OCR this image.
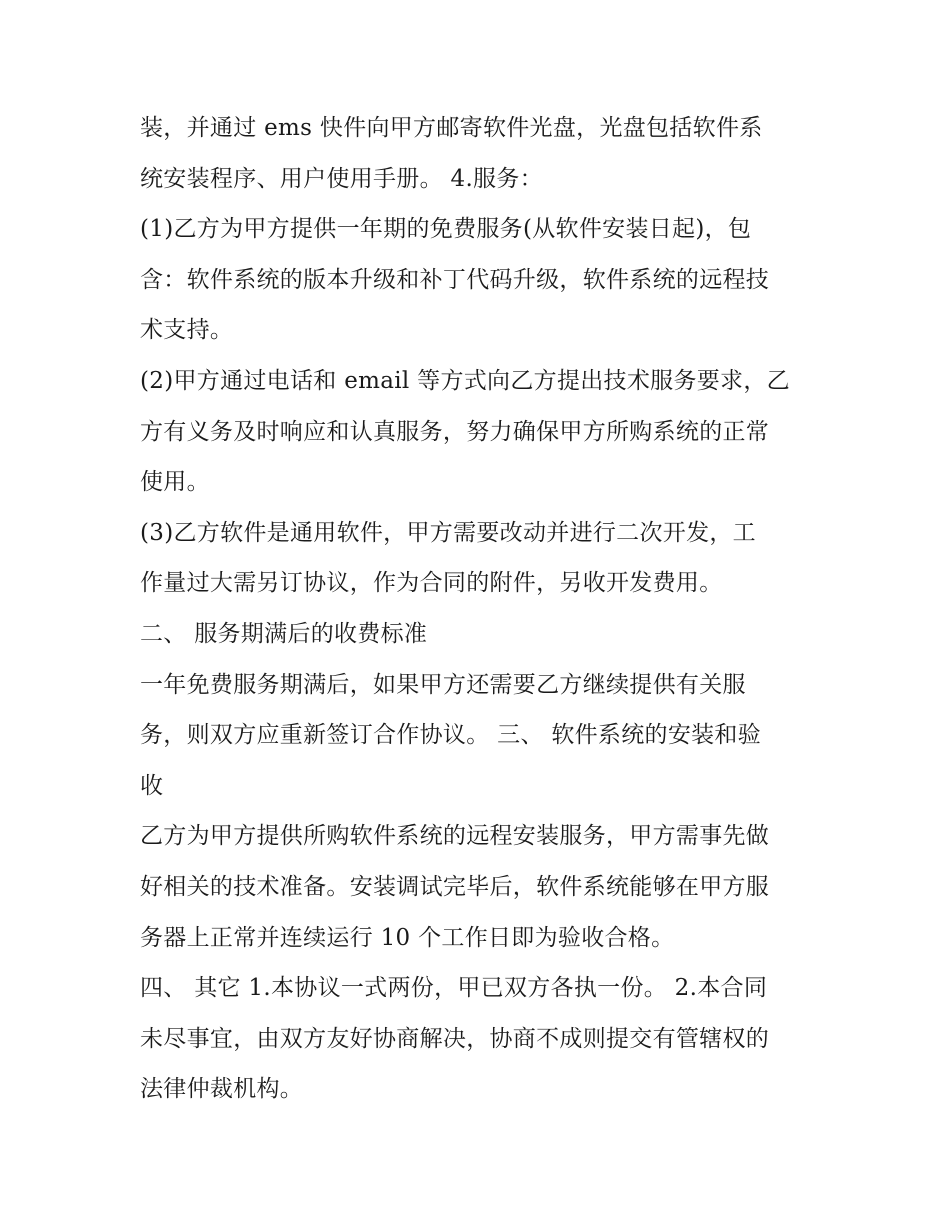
装，并通过 ems 快件向甲方邮寄软件光盘，光盘包括软件系
统安装程序、用户使用手册。 4.服务：
(1)乙方为甲方提供一年期的免费服务(从软件安装日起)，包
含：软件系统的版本升级和补丁代码升级，软件系统的远程技
术支持。
(2)甲方通过电话和 email 等方式向乙方提出技术服务要求，乙
方有义务及时响应和认真服务，努力确保甲方所购系统的正常
使用。
(3)乙方软件是通用软件，甲方需要改动并进行二次开发，工
作量过大需另订协议，作为合同的附件，另收开发费用。
二、 服务期满后的收费标准
一年免费服务期满后，如果甲方还需要乙方继续提供有关服
务，则双方应重新签订合作协议。 三、 软件系统的安装和验
收
乙方为甲方提供所购软件系统的远程安装服务，甲方需事先做
好相关的技术准备。安装调试完毕后，软件系统能够在甲方服
务器上正常并连续运行 10 个工作日即为验收合格。
四、 其它 1.本协议一式两份，甲已双方各执一份。 2.本合同
未尽事宜，由双方友好协商解决，协商不成则提交有管辖权的
法律仲裁机构。
